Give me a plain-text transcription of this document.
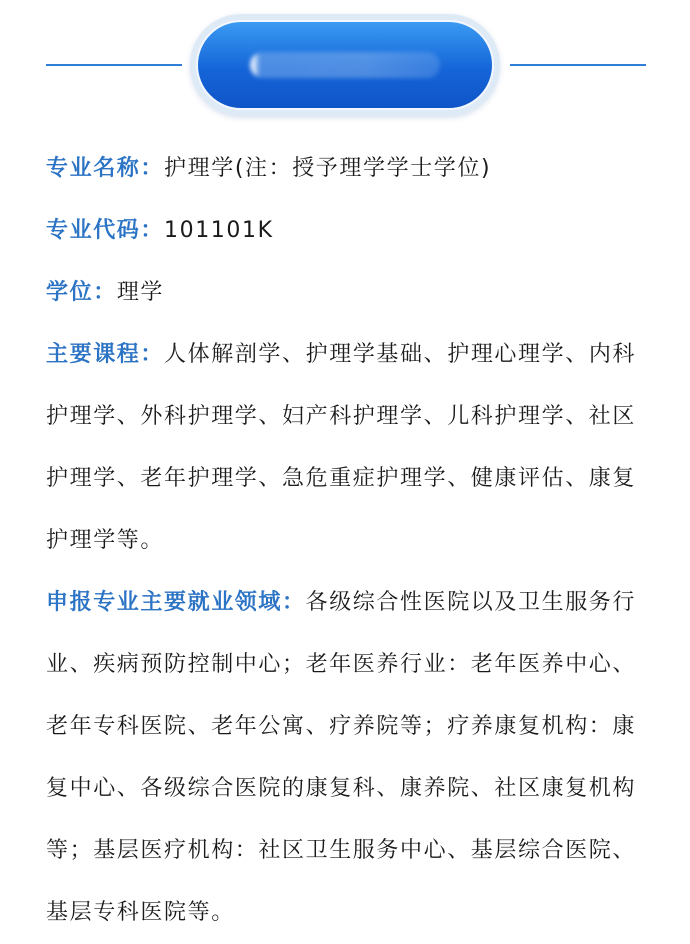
专业名称：护理学(注：授予理学学士学位)

专业代码：101101K

学位：理学

主要课程：人体解剖学、护理学基础、护理心理学、内科护理学、外科护理学、妇产科护理学、儿科护理学、社区护理学、老年护理学、急危重症护理学、健康评估、康复护理学等。

申报专业主要就业领域：各级综合性医院以及卫生服务行业、疾病预防控制中心；老年医养行业：老年医养中心、老年专科医院、老年公寓、疗养院等；疗养康复机构：康复中心、各级综合医院的康复科、康养院、社区康复机构等；基层医疗机构：社区卫生服务中心、基层综合医院、基层专科医院等。
